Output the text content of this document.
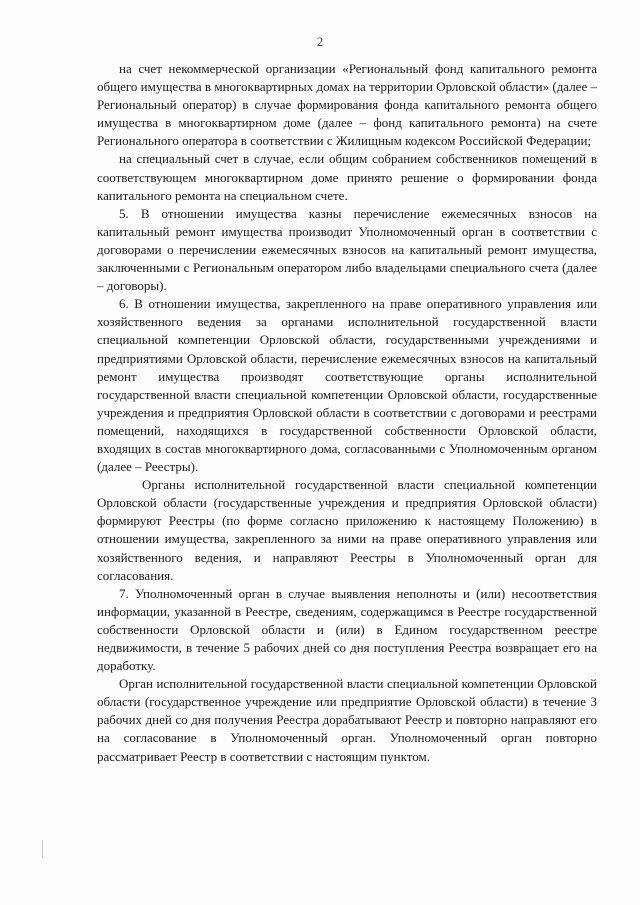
2

на счет некоммерческой организации «Региональный фонд капитального ремонта общего имущества в многоквартирных домах на территории Орловской области» (далее – Региональный оператор) в случае формирования фонда капитального ремонта общего имущества в многоквартирном доме (далее – фонд капитального ремонта) на счете Регионального оператора в соответствии с Жилищным кодексом Российской Федерации;

на специальный счет в случае, если общим собранием собственников помещений в соответствующем многоквартирном доме принято решение о формировании фонда капитального ремонта на специальном счете.

5. В отношении имущества казны перечисление ежемесячных взносов на капитальный ремонт имущества производит Уполномоченный орган в соответствии с договорами о перечислении ежемесячных взносов на капитальный ремонт имущества, заключенными с Региональным оператором либо владельцами специального счета (далее – договоры).

6. В отношении имущества, закрепленного на праве оперативного управления или хозяйственного ведения за органами исполнительной государственной власти специальной компетенции Орловской области, государственными учреждениями и предприятиями Орловской области, перечисление ежемесячных взносов на капитальный ремонт имущества производят соответствующие органы исполнительной государственной власти специальной компетенции Орловской области, государственные учреждения и предприятия Орловской области в соответствии с договорами и реестрами помещений, находящихся в государственной собственности Орловской области, входящих в состав многоквартирного дома, согласованными с Уполномоченным органом (далее – Реестры).

Органы исполнительной государственной власти специальной компетенции Орловской области (государственные учреждения и предприятия Орловской области) формируют Реестры (по форме согласно приложению к настоящему Положению) в отношении имущества, закрепленного за ними на праве оперативного управления или хозяйственного ведения, и направляют Реестры в Уполномоченный орган для согласования.

7. Уполномоченный орган в случае выявления неполноты и (или) несоответствия информации, указанной в Реестре, сведениям, содержащимся в Реестре государственной собственности Орловской области и (или) в Едином государственном реестре недвижимости, в течение 5 рабочих дней со дня поступления Реестра возвращает его на доработку.

Орган исполнительной государственной власти специальной компетенции Орловской области (государственное учреждение или предприятие Орловской области) в течение 3 рабочих дней со дня получения Реестра дорабатывают Реестр и повторно направляют его на согласование в Уполномоченный орган. Уполномоченный орган повторно рассматривает Реестр в соответствии с настоящим пунктом.
